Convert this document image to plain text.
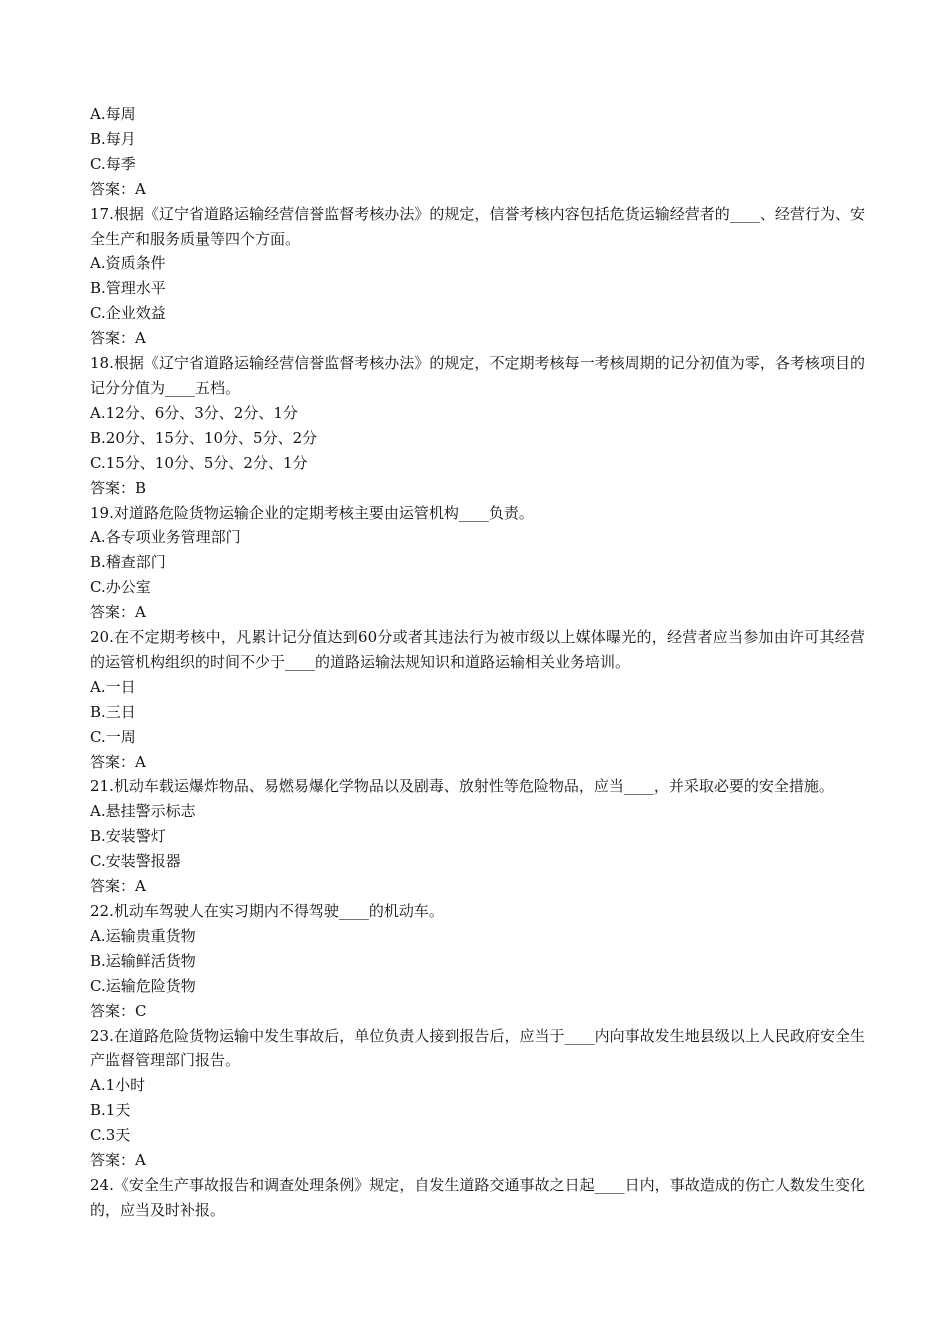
A.每周

B.每月

C.每季

答案：A

17.根据《辽宁省道路运输经营信誉监督考核办法》的规定，信誉考核内容包括危货运输经营者的____、经营行为、安全生产和服务质量等四个方面。

A.资质条件

B.管理水平

C.企业效益

答案：A

18.根据《辽宁省道路运输经营信誉监督考核办法》的规定，不定期考核每一考核周期的记分初值为零，各考核项目的记分分值为____五档。

A.12分、6分、3分、2分、1分

B.20分、15分、10分、5分、2分

C.15分、10分、5分、2分、1分

答案：B

19.对道路危险货物运输企业的定期考核主要由运管机构____负责。

A.各专项业务管理部门

B.稽查部门

C.办公室

答案：A

20.在不定期考核中，凡累计记分值达到60分或者其违法行为被市级以上媒体曝光的，经营者应当参加由许可其经营的运管机构组织的时间不少于____的道路运输法规知识和道路运输相关业务培训。

A.一日

B.三日

C.一周

答案：A

21.机动车载运爆炸物品、易燃易爆化学物品以及剧毒、放射性等危险物品，应当____，并采取必要的安全措施。

A.悬挂警示标志

B.安装警灯

C.安装警报器

答案：A

22.机动车驾驶人在实习期内不得驾驶____的机动车。

A.运输贵重货物

B.运输鲜活货物

C.运输危险货物

答案：C

23.在道路危险货物运输中发生事故后，单位负责人接到报告后，应当于____内向事故发生地县级以上人民政府安全生产监督管理部门报告。

A.1小时

B.1天

C.3天

答案：A

24.《安全生产事故报告和调查处理条例》规定，自发生道路交通事故之日起____日内，事故造成的伤亡人数发生变化的，应当及时补报。
